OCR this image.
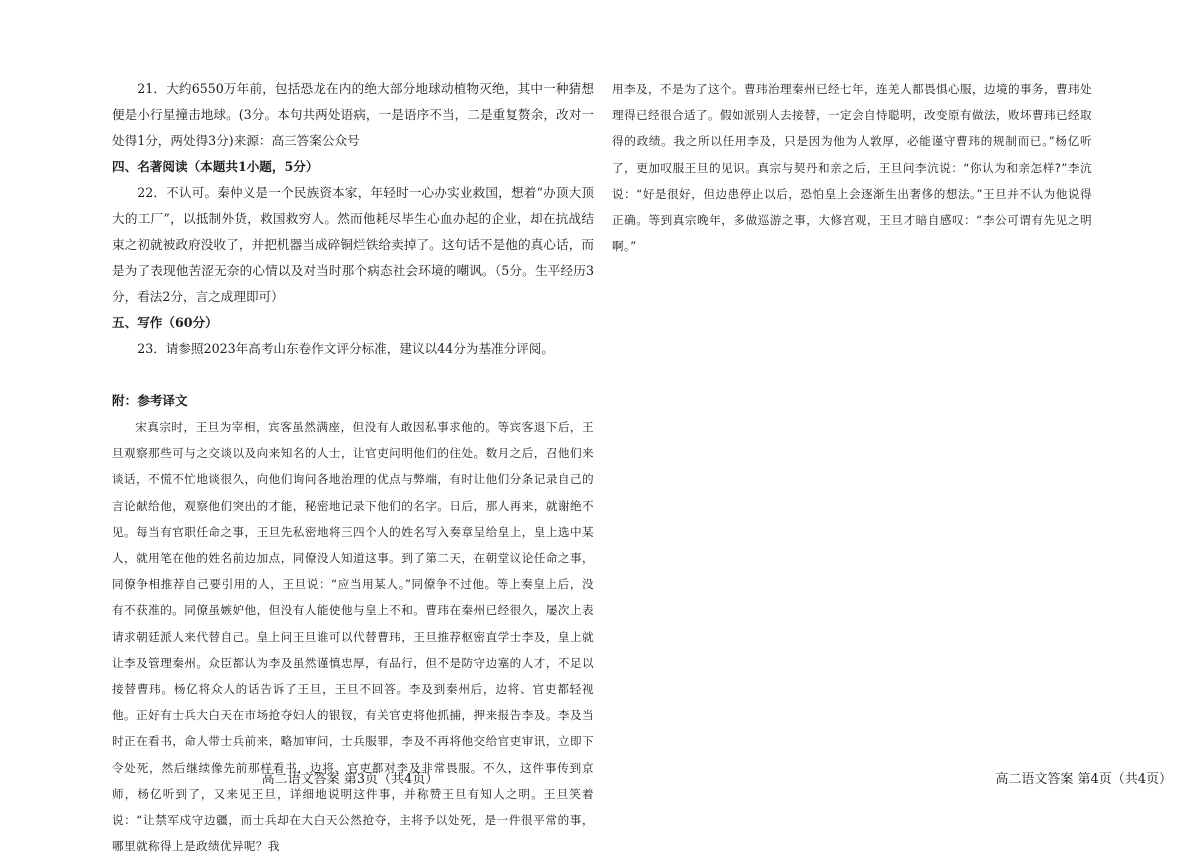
21．大约6550万年前，包括恐龙在内的绝大部分地球动植物灭绝，其中一种猜想便是小行星撞击地球。(3分。本句共两处语病，一是语序不当，二是重复赘余，改对一处得1分，两处得3分)来源：高三答案公众号

四、名著阅读（本题共1小题，5分）

22．不认可。秦仲义是一个民族资本家，年轻时一心办实业救国，想着“办顶大顶大的工厂”，以抵制外货，救国救穷人。然而他耗尽毕生心血办起的企业，却在抗战结束之初就被政府没收了，并把机器当成碎铜烂铁给卖掉了。这句话不是他的真心话，而是为了表现他苦涩无奈的心情以及对当时那个病态社会环境的嘲讽。（5分。生平经历3分，看法2分，言之成理即可）

五、写作（60分）

23．请参照2023年高考山东卷作文评分标准，建议以44分为基准分评阅。

附：参考译文

宋真宗时，王旦为宰相，宾客虽然满座，但没有人敢因私事求他的。等宾客退下后，王旦观察那些可与之交谈以及向来知名的人士，让官吏问明他们的住处。数月之后，召他们来谈话，不慌不忙地谈很久，向他们询问各地治理的优点与弊端，有时让他们分条记录自己的言论献给他，观察他们突出的才能，秘密地记录下他们的名字。日后，那人再来，就谢绝不见。每当有官职任命之事，王旦先私密地将三四个人的姓名写入奏章呈给皇上，皇上选中某人，就用笔在他的姓名前边加点，同僚没人知道这事。到了第二天，在朝堂议论任命之事，同僚争相推荐自己要引用的人，王旦说：“应当用某人。”同僚争不过他。等上奏皇上后，没有不获准的。同僚虽嫉妒他，但没有人能使他与皇上不和。曹玮在秦州已经很久，屡次上表请求朝廷派人来代替自己。皇上问王旦谁可以代替曹玮，王旦推荐枢密直学士李及，皇上就让李及管理秦州。众臣都认为李及虽然谨慎忠厚，有品行，但不是防守边塞的人才，不足以接替曹玮。杨亿将众人的话告诉了王旦，王旦不回答。李及到秦州后，边将、官吏都轻视他。正好有士兵大白天在市场抢夺妇人的银钗，有关官吏将他抓捕，押来报告李及。李及当时正在看书，命人带士兵前来，略加审问，士兵服罪，李及不再将他交给官吏审讯，立即下令处死，然后继续像先前那样看书，边将、官吏都对李及非常畏服。不久，这件事传到京师，杨亿听到了，又来见王旦，详细地说明这件事，并称赞王旦有知人之明。王旦笑着说：“让禁军戍守边疆，而士兵却在大白天公然抢夺，主将予以处死，是一件很平常的事，哪里就称得上是政绩优异呢？我

高二语文答案 第3页（共4页）

用李及，不是为了这个。曹玮治理秦州已经七年，连羌人都畏惧心服，边境的事务，曹玮处理得已经很合适了。假如派别人去接替，一定会自恃聪明，改变原有做法，败坏曹玮已经取得的政绩。我之所以任用李及，只是因为他为人敦厚，必能谨守曹玮的规制而已。”杨亿听了，更加叹服王旦的见识。真宗与契丹和亲之后，王旦问李沆说：“你认为和亲怎样?”李沆说：“好是很好，但边患停止以后，恐怕皇上会逐渐生出奢侈的想法。”王旦并不认为他说得正确。等到真宗晚年，多做巡游之事，大修宫观，王旦才暗自感叹：“李公可谓有先见之明啊。”

高二语文答案 第4页（共4页）
